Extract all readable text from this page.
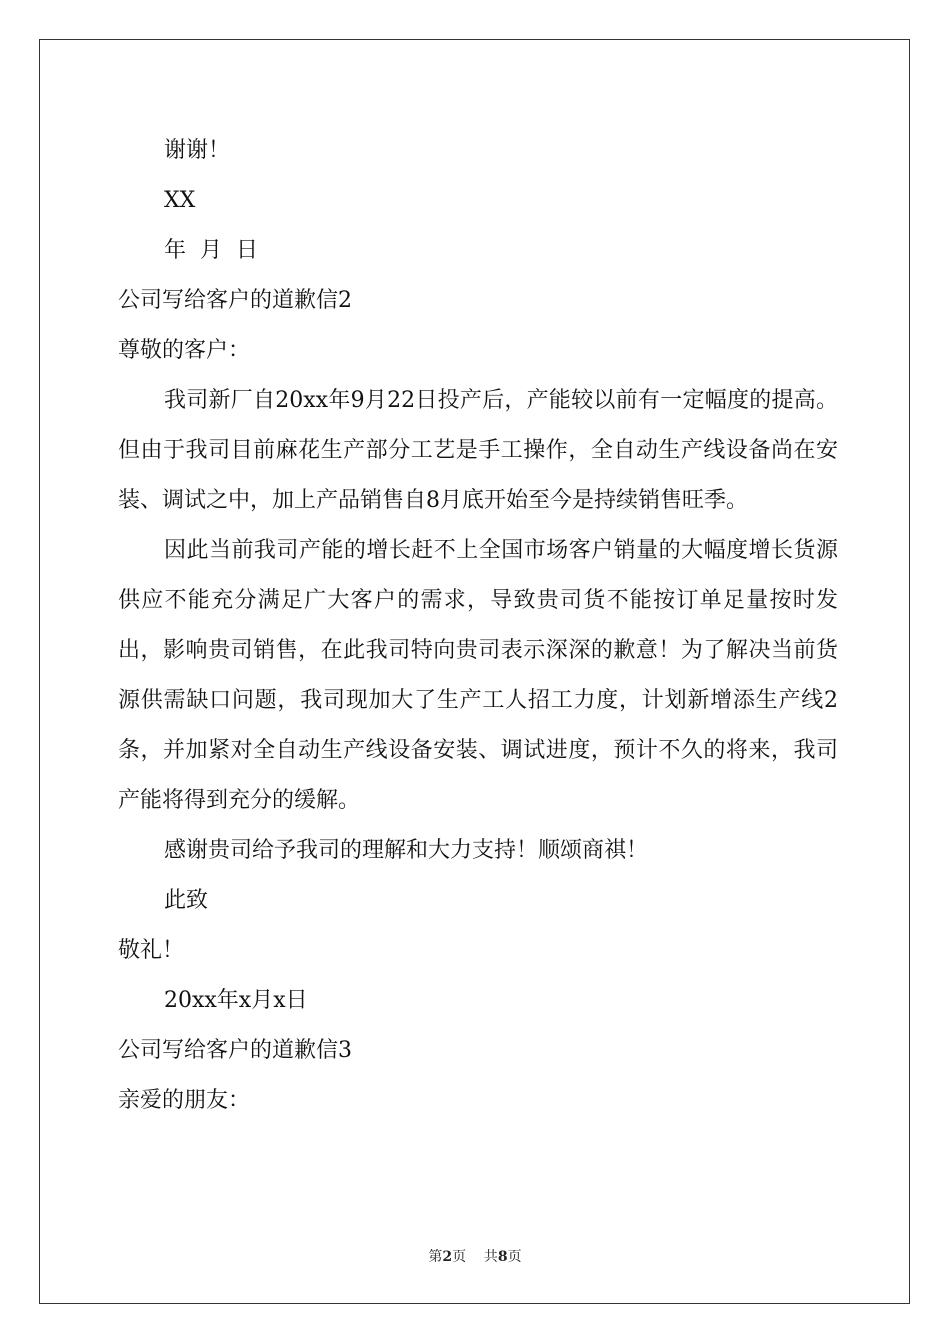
谢谢！

XX

年  月  日

公司写给客户的道歉信2

尊敬的客户：

我司新厂自20xx年9月22日投产后，产能较以前有一定幅度的提高。但由于我司目前麻花生产部分工艺是手工操作，全自动生产线设备尚在安装、调试之中，加上产品销售自8月底开始至今是持续销售旺季。

因此当前我司产能的增长赶不上全国市场客户销量的大幅度增长货源供应不能充分满足广大客户的需求，导致贵司货不能按订单足量按时发出，影响贵司销售，在此我司特向贵司表示深深的歉意！为了解决当前货源供需缺口问题，我司现加大了生产工人招工力度，计划新增添生产线2条，并加紧对全自动生产线设备安装、调试进度，预计不久的将来，我司产能将得到充分的缓解。

感谢贵司给予我司的理解和大力支持！顺颂商祺！

此致

敬礼！

20xx年x月x日

公司写给客户的道歉信3

亲爱的朋友：

第2页 共8页
